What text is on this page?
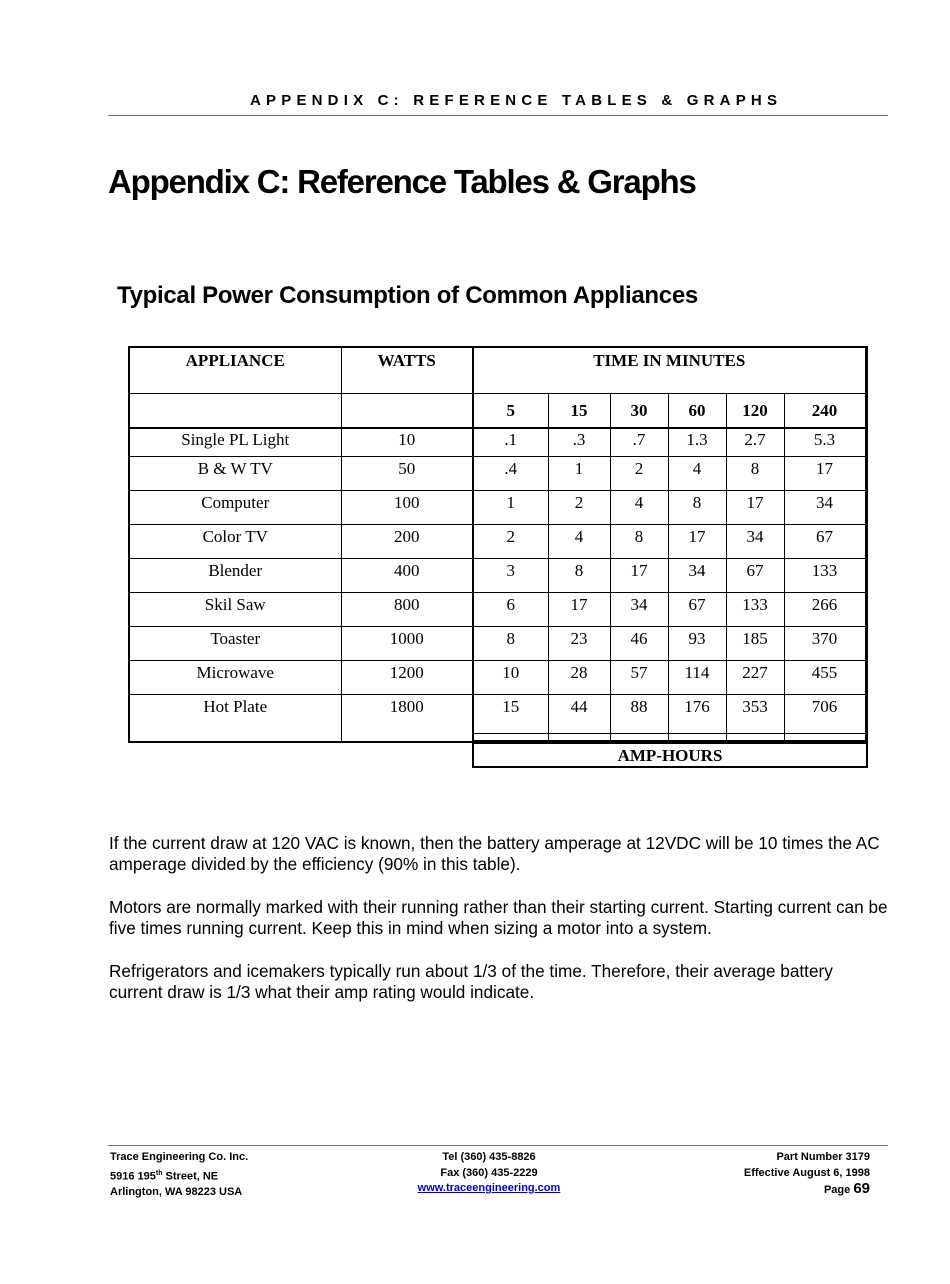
APPENDIX C: REFERENCE TABLES & GRAPHS
Appendix C: Reference Tables & Graphs
Typical Power Consumption of Common Appliances
APPLIANCE	WATTS	TIME IN MINUTES					
		5	15	30	60	120	240
Single PL Light	10	.1	.3	.7	1.3	2.7	5.3
B & W TV	50	.4	1	2	4	8	17
Computer	100	1	2	4	8	17	34
Color TV	200	2	4	8	17	34	67
Blender	400	3	8	17	34	67	133
Skil Saw	800	6	17	34	67	133	266
Toaster	1000	8	23	46	93	185	370
Microwave	1200	10	28	57	114	227	455
Hot Plate	1800	15	44	88	176	353	706
AMP-HOURS

If the current draw at 120 VAC is known, then the battery amperage at 12VDC will be 10 times the AC amperage divided by the efficiency (90% in this table).

Motors are normally marked with their running rather than their starting current. Starting current can be five times running current. Keep this in mind when sizing a motor into a system.

Refrigerators and icemakers typically run about 1/3 of the time. Therefore, their average battery current draw is 1/3 what their amp rating would indicate.

Trace Engineering Co. Inc.
5916 195th Street, NE
Arlington, WA 98223 USA
Tel (360) 435-8826
Fax (360) 435-2229
www.traceengineering.com
Part Number 3179
Effective August 6, 1998
Page 69
